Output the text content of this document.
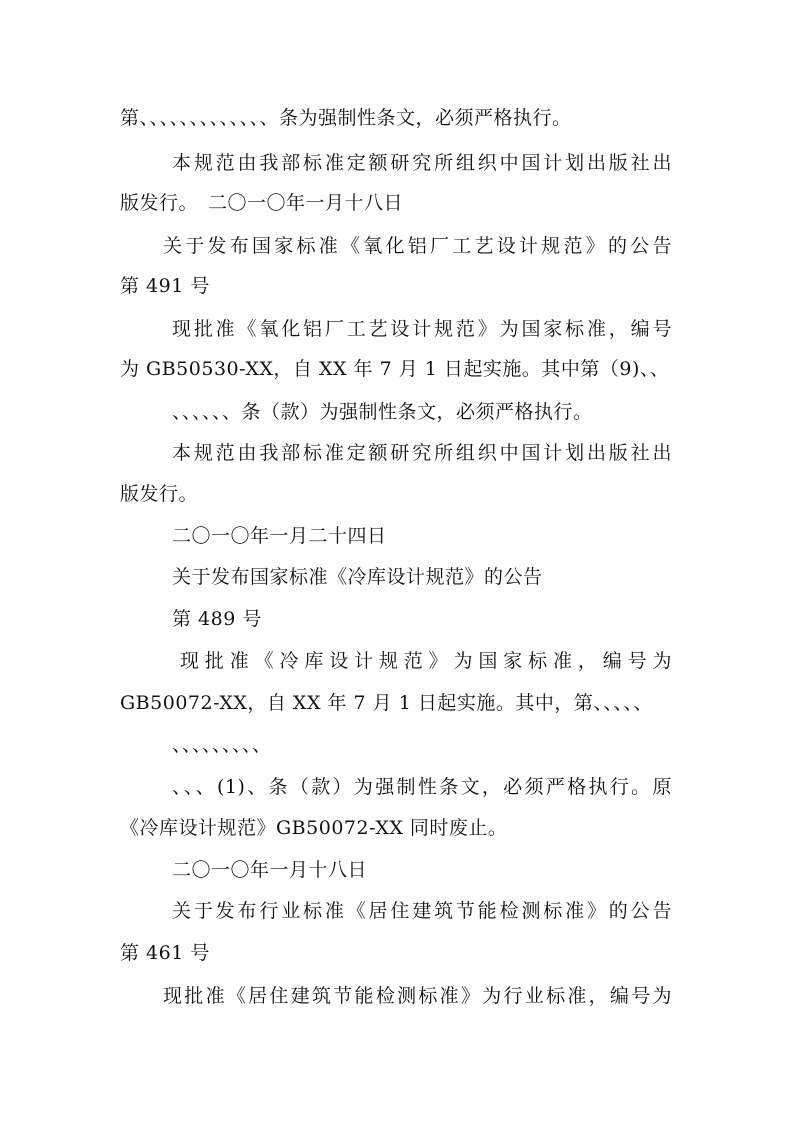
第、、、、、、、、、、、、、条为强制性条文，必须严格执行。
本规范由我部标准定额研究所组织中国计划出版社出
版发行。　二〇一〇年一月十八日
关于发布国家标准《氧化铝厂工艺设计规范》的公告
第 491 号
现批准《氧化铝厂工艺设计规范》为国家标准，编号
为 GB50530-XX，自 XX 年 7 月 1 日起实施。其中第（9)、、
、、、、、、条（款）为强制性条文，必须严格执行。
本规范由我部标准定额研究所组织中国计划出版社出
版发行。
二〇一〇年一月二十四日
关于发布国家标准《冷库设计规范》的公告
第 489 号
现批准《冷库设计规范》为国家标准，编号为
GB50072-XX，自 XX 年 7 月 1 日起实施。其中，第、、、、、
、、、、、、、、、
、、、(1)、条（款）为强制性条文，必须严格执行。原
《冷库设计规范》GB50072-XX 同时废止。
二〇一〇年一月十八日
关于发布行业标准《居住建筑节能检测标准》的公告
第 461 号
现批准《居住建筑节能检测标准》为行业标准，编号为
